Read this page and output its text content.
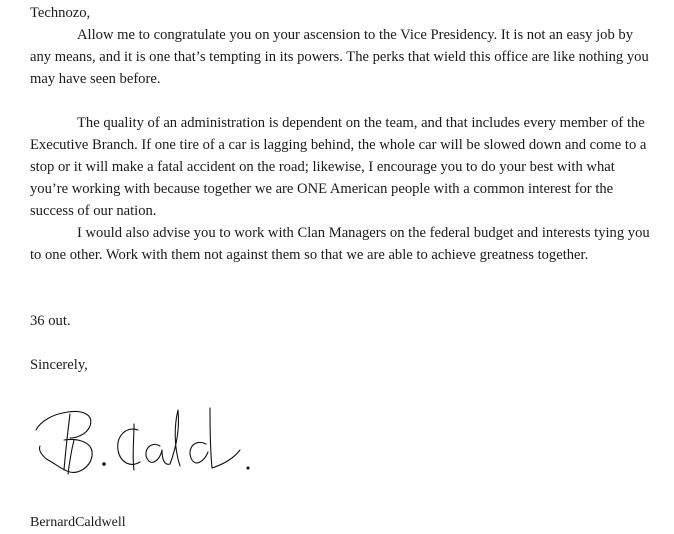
Technozo,

Allow me to congratulate you on your ascension to the Vice Presidency. It is not an easy job by any means, and it is one that’s tempting in its powers. The perks that wield this office are like nothing you may have seen before.

The quality of an administration is dependent on the team, and that includes every member of the Executive Branch. If one tire of a car is lagging behind, the whole car will be slowed down and come to a stop or it will make a fatal accident on the road; likewise, I encourage you to do your best with what you’re working with because together we are ONE American people with a common interest for the success of our nation.

I would also advise you to work with Clan Managers on the federal budget and interests tying you to one other. Work with them not against them so that we are able to achieve greatness together.

36 out.

Sincerely,

BernardCaldwell
